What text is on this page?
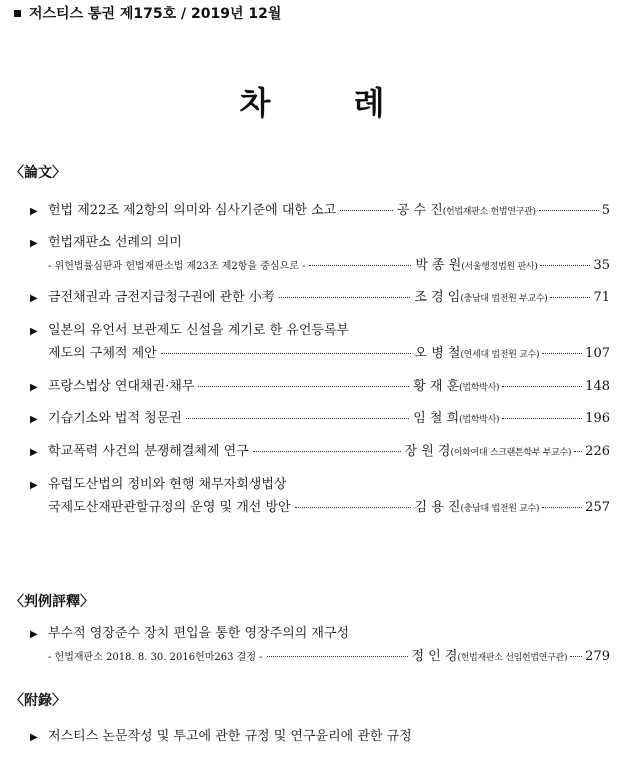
저스티스 통권 제175호 / 2019년 12월
차 례
〈論文〉
▶ 헌법 제22조 제2항의 의미와 심사기준에 대한 소고	공 수 진 (헌법재판소 헌법연구관)	5
▶ 헌법재판소 선례의 의미
- 위헌법률심판과 헌법재판소법 제23조 제2항을 중심으로 -	박 종 원 (서울행정법원 판사)	35
▶ 금전채권과 금전지급청구권에 관한 小考	조 경 임 (충남대 법전원 부교수)	71
▶ 일본의 유언서 보관제도 신설을 계기로 한 유언등록부
제도의 구체적 제안	오 병 철 (연세대 법전원 교수)	107
▶ 프랑스법상 연대채권·채무	황 재 훈 (법학박사)	148
▶ 기습기소와 법적 청문권	임 철 희 (법학박사)	196
▶ 학교폭력 사건의 분쟁해결체제 연구	장 원 경 (이화여대 스크랜튼학부 부교수) 226
▶ 유럽도산법의 정비와 현행 채무자회생법상
국제도산재판관할규정의 운영 및 개선 방안	김 용 진 (충남대 법전원 교수)	257
〈判例評釋〉
▶ 부수적 영장준수 장치 편입을 통한 영장주의의 재구성
- 헌법재판소 2018. 8. 30. 2016헌마263 결정 -	정 인 경 (헌법재판소 선임헌법연구관) 279
〈附錄〉
▶ 저스티스 논문작성 및 투고에 관한 규정 및 연구윤리에 관한 규정
